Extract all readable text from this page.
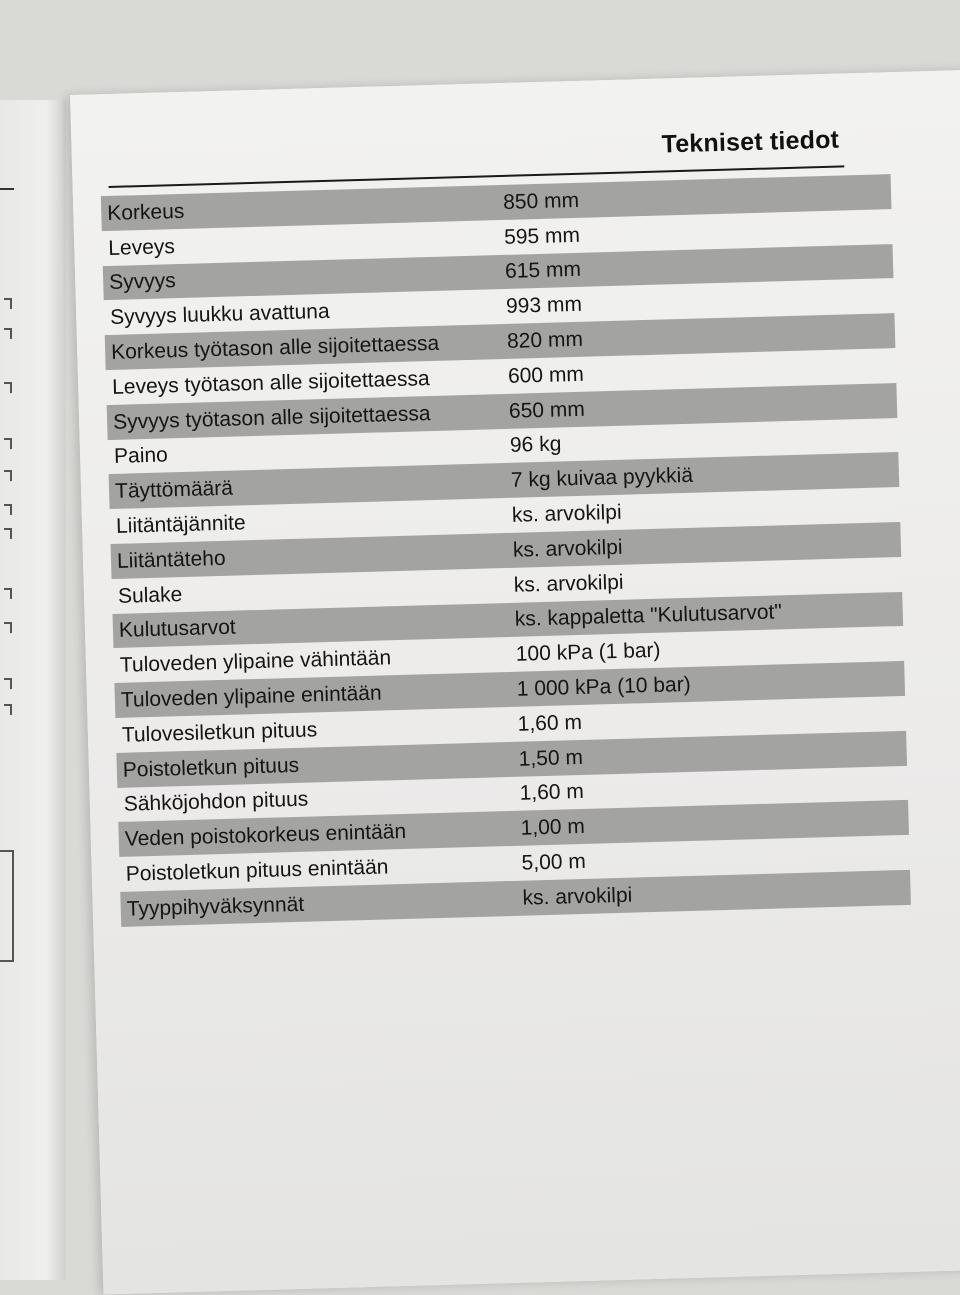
Tekniset tiedot
Korkeus	850 mm
Leveys	595 mm
Syvyys	615 mm
Syvyys luukku avattuna	993 mm
Korkeus työtason alle sijoitettaessa	820 mm
Leveys työtason alle sijoitettaessa	600 mm
Syvyys työtason alle sijoitettaessa	650 mm
Paino	96 kg
Täyttömäärä	7 kg kuivaa pyykkiä
Liitäntäjännite	ks. arvokilpi
Liitäntäteho	ks. arvokilpi
Sulake	ks. arvokilpi
Kulutusarvot	ks. kappaletta "Kulutusarvot"
Tuloveden ylipaine vähintään	100 kPa (1 bar)
Tuloveden ylipaine enintään	1 000 kPa (10 bar)
Tulovesiletkun pituus	1,60 m
Poistoletkun pituus	1,50 m
Sähköjohdon pituus	1,60 m
Veden poistokorkeus enintään	1,00 m
Poistoletkun pituus enintään	5,00 m
Tyyppihyväksynnät	ks. arvokilpi
